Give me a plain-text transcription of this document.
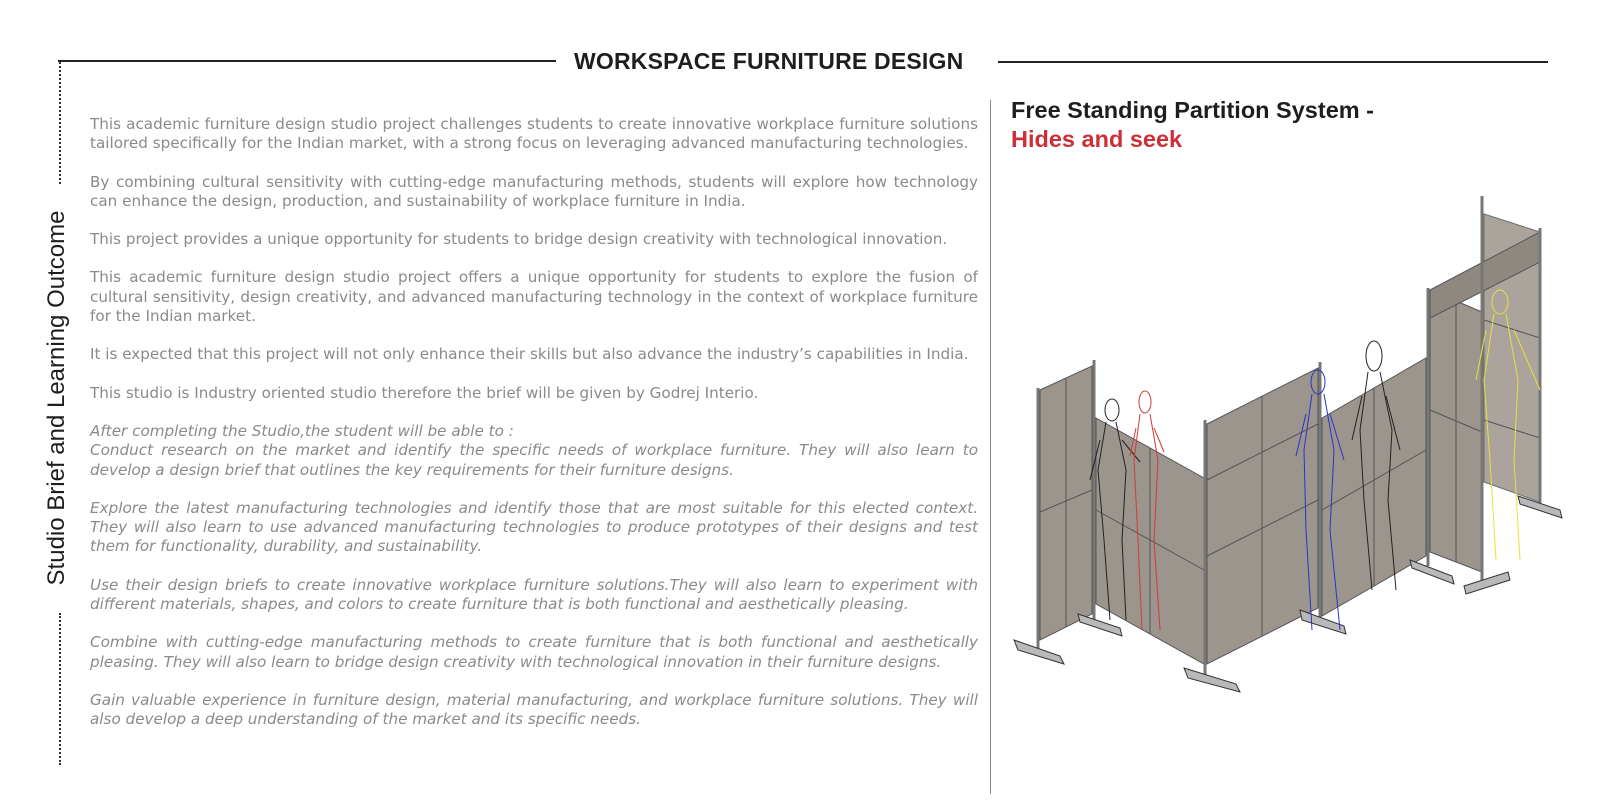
WORKSPACE FURNITURE DESIGN
Studio Brief and Learning Outcome

This academic furniture design studio project challenges students to create innovative workplace furniture solutions tailored specifically for the Indian market, with a strong focus on leveraging advanced manufacturing technologies.

By combining cultural sensitivity with cutting-edge manufacturing methods, students will explore how technology can enhance the design, production, and sustainability of workplace furniture in India.

This project provides a unique opportunity for students to bridge design creativity with technological innovation.

This academic furniture design studio project offers a unique opportunity for students to explore the fusion of cultural sensitivity, design creativity, and advanced manufacturing technology in the context of workplace furniture for the Indian market.

It is expected that this project will not only enhance their skills but also advance the industry’s capabilities in India.

This studio is Industry oriented studio therefore the brief will be given by Godrej Interio.

After completing the Studio,the student will be able to :

Conduct research on the market and identify the specific needs of workplace furniture. They will also learn to develop a design brief that outlines the key requirements for their furniture designs.

Explore the latest manufacturing technologies and identify those that are most suitable for this elected context. They will also learn to use advanced manufacturing technologies to produce prototypes of their designs and test them for functionality, durability, and sustainability.

Use their design briefs to create innovative workplace furniture solutions.They will also learn to experiment with different materials, shapes, and colors to create furniture that is both functional and aesthetically pleasing.

Combine with cutting-edge manufacturing methods to create furniture that is both functional and aesthetically pleasing. They will also learn to bridge design creativity with technological innovation in their furniture designs.

Gain valuable experience in furniture design, material manufacturing, and workplace furniture solutions. They will also develop a deep understanding of the market and its specific needs.

Free Standing Partition System -
Hides and seek
